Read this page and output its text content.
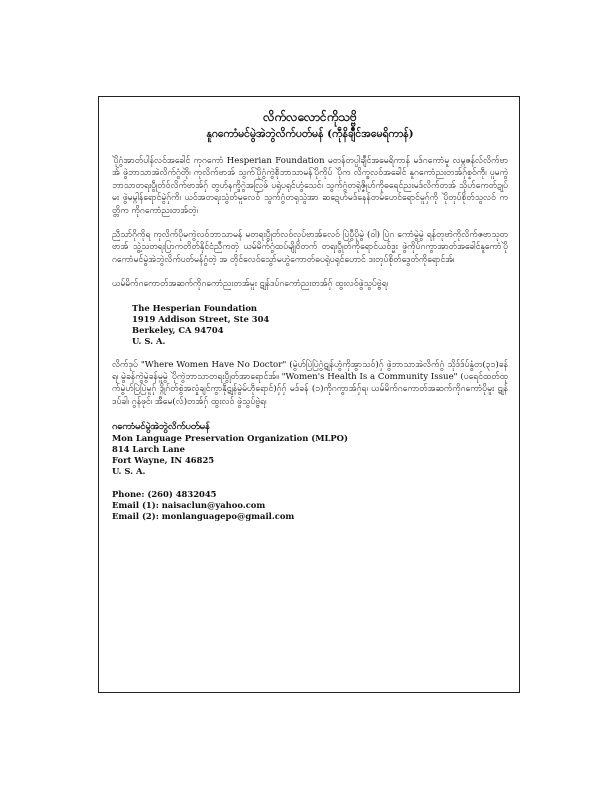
လိက်လလောင်ကိုသဗ္ဗိ

နူဂကောံမင်မွဲအဲဘွဲလိက်ပတ်မန် (ကဵုနိချဳင်အမေရိကာန်)

ပိုဲဂွံအာတ်ပါန်လဝ်အခေါင် ကုဂကောံ Hesperian Foundation မတန်တပ္ပါချဳင်အမေရိကာန် မဒ်ဂကောံမူ လမ္ဂဇန်လ်လိက်ဗာအ် ဖွဲဘာသာအဲလိက်ဂွံတိုဲ၊ ကုလိက်ဗာအ် သွက်ပိုဲဂွံကွဲစဵုဘာသာမန်ပိုဲကိုပ် ပိုဲက လိက္ခလဝ်အခေါင် နူဂကောံညးတအ်ဂှ်စၟဝ်ကဵု၊ ပူမကွဲဘာသာတရးပွဵုတ်ဝ်လိက်ဗာအ်ဂှ် တွဟ်နက္ဒိဂွဲအလြဖ် ပရုဲပရုင်ဟွံသေင်၊ သွက်ဂွံတရုဲဇၞိုဟ်ကိုဓရေင်ညးမဒ်လိက်တအ် သိုဟ်ကေတ်ဍုပ်မး ဖွဲမမ္ဂါန်ရောင်မွဲဂှ်ကိ၊ ယဝ်အတရးသွံတ်မူလေဝ် သွက်ဂွံတရုသွဲအာ ဆဍေဟ်မဒ်နေန်တမ်ဟေင်ရောင်မူဂှ်ကို ပိုဲတုပ်စိုတ်သွလဝ် ကတ္တိက ကိုဂကောံညးတအ်တဲ့၊

ညဵသာ်ဂိုကိုရ ကုလိက်ပိုမကွဲလဝ်ဘာသာမန် မတရးပွဵုတ်လဝ်လုပ်ဗာအ်လေဝ် ပြဲပွဳပိုမွဲ (ဝါ) ပြဲဂ ကောံမွဲမွဲ ရန်တုဗာဲကိုလိက်ဇဗာသုတဗာအ် သွဲ့သတရးပြာကတိတ်နိုင်ငံညဳကတဲ့ ယမ်မိက်ဂွံထပ်မျိုဝိတက် တရးပွဵုတ်ကိုရောင်ယဝ်ဒ္မး ဖွဲကိုပ်ဂကွာအာတ်အခေါင်နူကောံပိုဲ ဂကောံမင်မွဲအဲဘွဲလိက်ပတ်မန်ဂွံတဲ့ အ တိုင်လေဝ်သွော်မဟွဲကောတ်ဓပရုဲပရုင်ဟောင် ဒးတုပ်စိုတ်ဒွေတ်ကိုရောင်အ်၊

ယမ်မိက်ဂကောတ်အဆက်ကိုဂကောံညးတအ်မူး ဋုန်ဒပ်ဂကောံညးတအ်ဂှ် ထွးလဝ်ဖွဲသွပ်ဗ္ဗဲရ၊

The Hesperian Foundation
1919 Addison Street, Ste 304
Berkeley, CA 94704
U. S. A.

လိက်ဒုပ် "Where Women Have No Doctor" (မွဲဟ်ပြဲပြဲဂွံဋုန်ဟွံကိုအွာသဝ်)ဂှ် ဖွဲဘာသာအဲလိက်ဂွံ သိုဒ်ဒ်ပ်နွံတ(၃၁)ခန်ရ၊ မွဲခန်ကွဲမွဲခန်မူမွဲ ပိုဲကွဲဘာသာတရးပွဵုတ်အာရောင်အ်။ "Women's Health Is a Community Issue" (ပရေင်ထတ်ထုက်မွဲဟ်ပြဲပြဲမူဂှ် ဒ္ဂိုဂ်တ်စွဲအလှုံချင်ကွာနဵုဋုန်မွဲမ်ဟဵုရောင်)ဂှ်ဂှ် မဒ်ခန် (၁)ကိုဂကွာအ်ဂှ်ရ၊ ယမ်မိက်ဂကောတ်အဆက်ကိုဂကောံပိုမူး ဋုန်ဒပ်ခါ၊ ဂွန်ဖုင်၊ အီမေ(လ်)တအ်ဂှ် ထွးလဝ် ဖွဲသွပ်ဗ္ဗဲရ၊

ဂကောံမင်မွဲအဲဘွဲလိက်ပတ်မန်
Mon Language Preservation Organization (MLPO)
814 Larch Lane
Fort Wayne, IN 46825
U. S. A.
Phone: (260) 4832045
Email (1): naisaclun@yahoo.com
Email (2): monlanguagepo@gmail.com
